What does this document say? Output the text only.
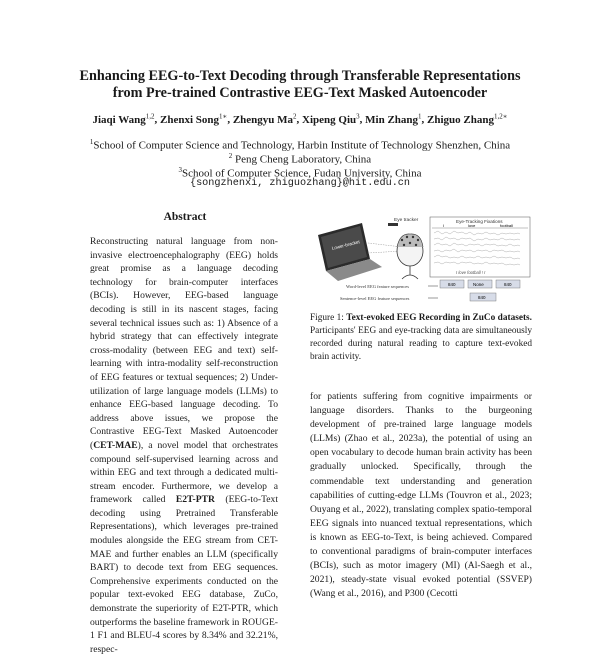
Enhancing EEG-to-Text Decoding through Transferable Representations
from Pre-trained Contrastive EEG-Text Masked Autoencoder
Jiaqi Wang$^{1,2}$, Zhenxi Song$^{1∗}$, Zhengyu Ma$^2$, Xipeng Qiu$^3$, Min Zhang$^1$, Zhiguo Zhang$^{1,2∗}$
$^1$School of Computer Science and Technology, Harbin Institute of Technology Shenzhen, China
$^2$ Peng Cheng Laboratory, China
$^3$School of Computer Science, Fudan University, China
{songzhenxi, zhiguozhang}@hit.edu.cn
Abstract
Reconstructing natural language from non-invasive electroencephalography (EEG) holds great promise as a language decoding technology for brain-computer interfaces (BCIs). However, EEG-based language decoding is still in its nascent stages, facing several technical issues such as: 1) Absence of a hybrid strategy that can effectively integrate cross-modality (between EEG and text) self-learning with intra-modality self-reconstruction of EEG features or textual sequences; 2) Under-utilization of large language models (LLMs) to enhance EEG-based language decoding. To address above issues, we propose the Contrastive EEG-Text Masked Autoencoder (CET-MAE), a novel model that orchestrates compound self-supervised learning across and within EEG and text through a dedicated multi-stream encoder. Furthermore, we develop a framework called E2T-PTR (EEG-to-Text decoding using Pretrained Transferable Representations), which leverages pre-trained modules alongside the EEG stream from CET-MAE and further enables an LLM (specifically BART) to decode text from EEG sequences. Comprehensive experiments conducted on the popular text-evoked EEG database, ZuCo, demonstrate the superiority of E2T-PTR, which outperforms the baseline framework in ROUGE-1 F1 and BLEU-4 scores by 8.34% and 32.21%, respec-
Lower-bracket
Eye tracker	Eye-Tracking Fixations
I	love	football
I love football ! I
Word-level EEG feature sequences	840	None	840
Sentence-level EEG feature sequences	840
Figure 1: Text-evoked EEG Recording in ZuCo datasets. Participants' EEG and eye-tracking data are simultaneously recorded during natural reading to capture text-evoked brain activity.
for patients suffering from cognitive impairments or language disorders. Thanks to the burgeoning development of pre-trained large language models (LLMs) (Zhao et al., 2023a), the potential of using an open vocabulary to decode human brain activity has been gradually unlocked. Specifically, through the commendable text understanding and generation capabilities of cutting-edge LLMs (Touvron et al., 2023; Ouyang et al., 2022), translating complex spatio-temporal EEG signals into nuanced textual representations, which is known as EEG-to-Text, is being achieved. Compared to conventional paradigms of brain-computer interfaces (BCIs), such as motor imagery (MI) (Al-Saegh et al., 2021), steady-state visual evoked potential (SSVEP) (Wang et al., 2016), and P300 (Cecotti
